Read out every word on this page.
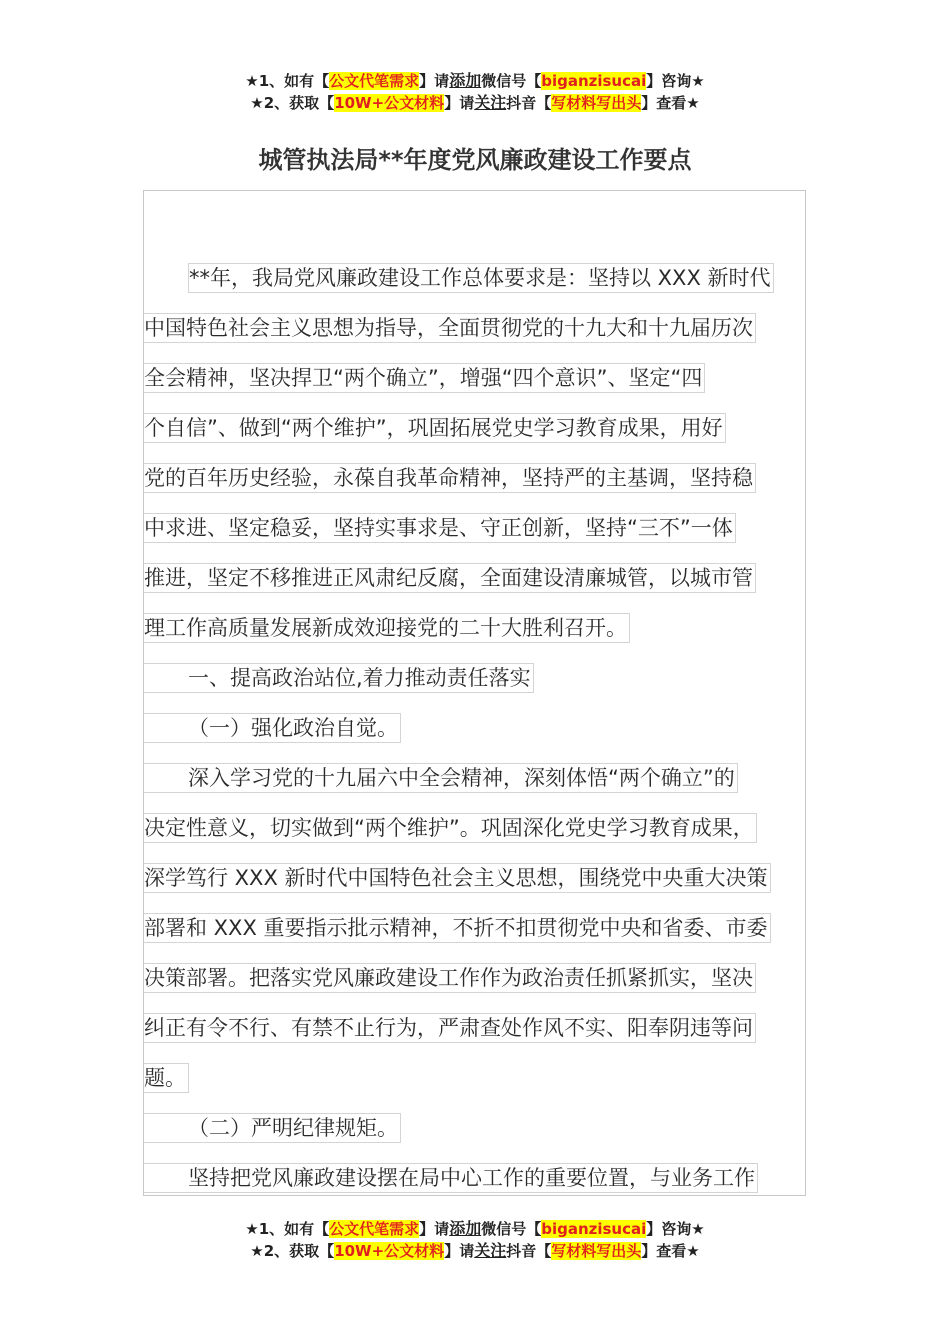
★1、如有【公文代笔需求】请添加微信号【biganzisucai】咨询★
★2、获取【10W+公文材料】请关注抖音【写材料写出头】查看★
城管执法局**年度党风廉政建设工作要点
**年，我局党风廉政建设工作总体要求是：坚持以 XXX 新时代
中国特色社会主义思想为指导，全面贯彻党的十九大和十九届历次
全会精神，坚决捍卫“两个确立”，增强“四个意识”、坚定“四
个自信”、做到“两个维护”，巩固拓展党史学习教育成果，用好
党的百年历史经验，永葆自我革命精神，坚持严的主基调，坚持稳
中求进、坚定稳妥，坚持实事求是、守正创新，坚持“三不”一体
推进，坚定不移推进正风肃纪反腐，全面建设清廉城管，以城市管
理工作高质量发展新成效迎接党的二十大胜利召开。
一、提高政治站位,着力推动责任落实
（一）强化政治自觉。
深入学习党的十九届六中全会精神，深刻体悟“两个确立”的
决定性意义，切实做到“两个维护”。巩固深化党史学习教育成果，
深学笃行 XXX 新时代中国特色社会主义思想，围绕党中央重大决策
部署和 XXX 重要指示批示精神，不折不扣贯彻党中央和省委、市委
决策部署。把落实党风廉政建设工作作为政治责任抓紧抓实，坚决
纠正有令不行、有禁不止行为，严肃查处作风不实、阳奉阴违等问
题。
（二）严明纪律规矩。
坚持把党风廉政建设摆在局中心工作的重要位置，与业务工作
★1、如有【公文代笔需求】请添加微信号【biganzisucai】咨询★
★2、获取【10W+公文材料】请关注抖音【写材料写出头】查看★
